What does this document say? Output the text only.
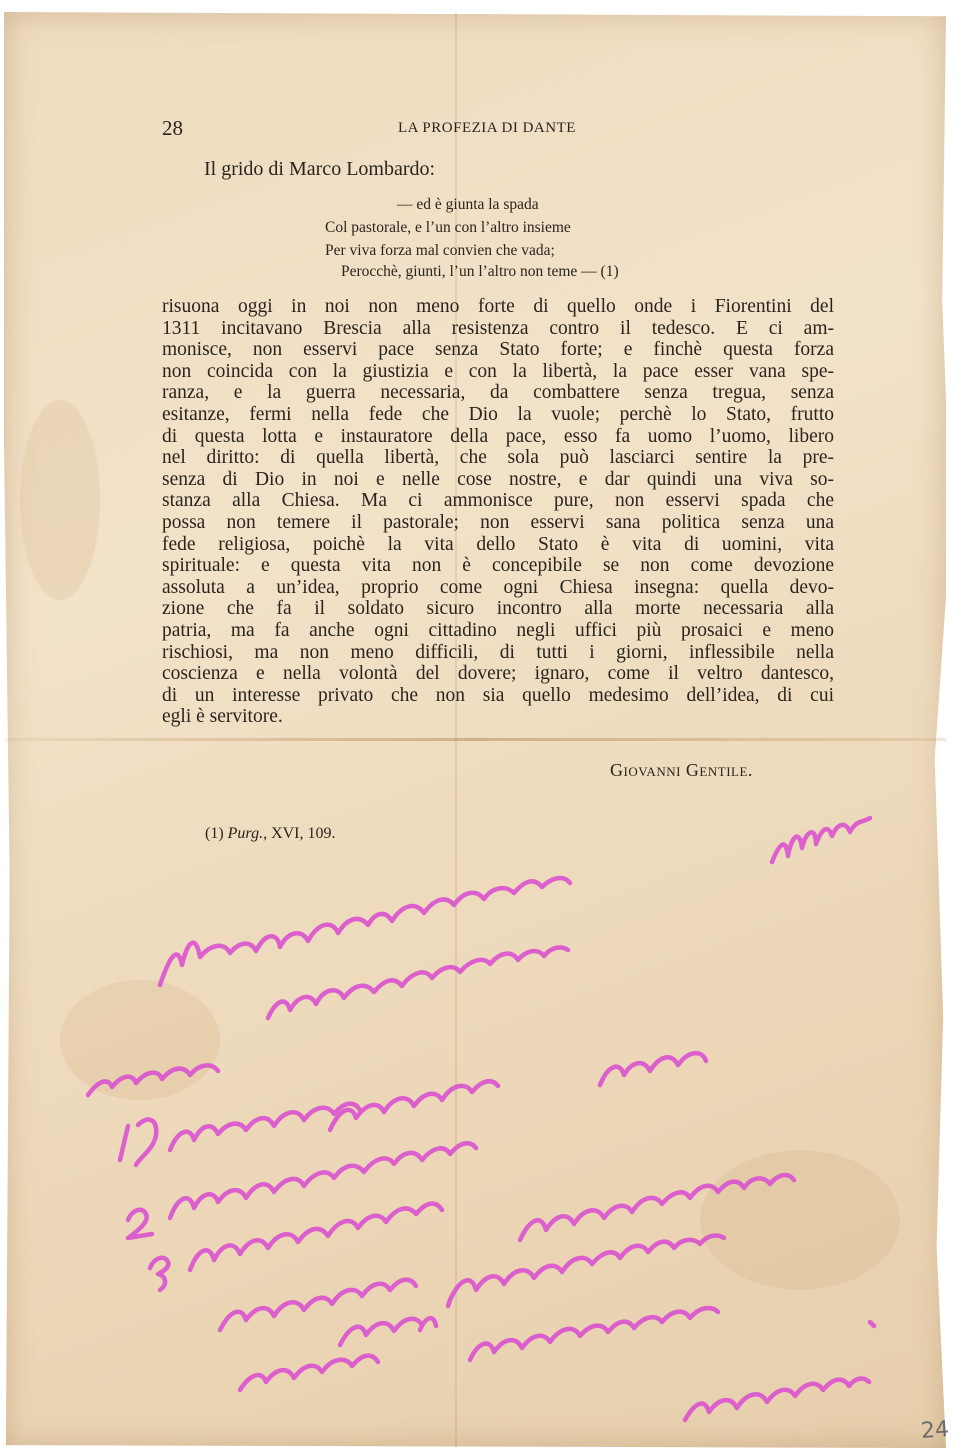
28	LA PROFEZIA DI DANTE
Il grido di Marco Lombardo:
— ed è giunta la spada
Col pastorale, e l’un con l’altro insieme
Per viva forza mal convien che vada;
Perocchè, giunti, l’un l’altro non teme — (1)
risuona oggi in noi non meno forte di quello onde i Fiorentini del
1311 incitavano Brescia alla resistenza contro il tedesco. E ci am-
monisce, non esservi pace senza Stato forte; e finchè questa forza
non coincida con la giustizia e con la libertà, la pace esser vana spe-
ranza, e la guerra necessaria, da combattere senza tregua, senza
esitanze, fermi nella fede che Dio la vuole; perchè lo Stato, frutto
di questa lotta e instauratore della pace, esso fa uomo l’uomo, libero
nel diritto: di quella libertà, che sola può lasciarci sentire la pre-
senza di Dio in noi e nelle cose nostre, e dar quindi una viva so-
stanza alla Chiesa. Ma ci ammonisce pure, non esservi spada che
possa non temere il pastorale; non esservi sana politica senza una
fede religiosa, poichè la vita dello Stato è vita di uomini, vita
spirituale: e questa vita non è concepibile se non come devozione
assoluta a un’idea, proprio come ogni Chiesa insegna: quella devo-
zione che fa il soldato sicuro incontro alla morte necessaria alla
patria, ma fa anche ogni cittadino negli uffici più prosaici e meno
rischiosi, ma non meno difficili, di tutti i giorni, inflessibile nella
coscienza e nella volontà del dovere; ignaro, come il veltro dantesco,
di un interesse privato che non sia quello medesimo dell’idea, di cui
egli è servitore.
Giovanni Gentile.
(1) Purg., XVI, 109.
24
